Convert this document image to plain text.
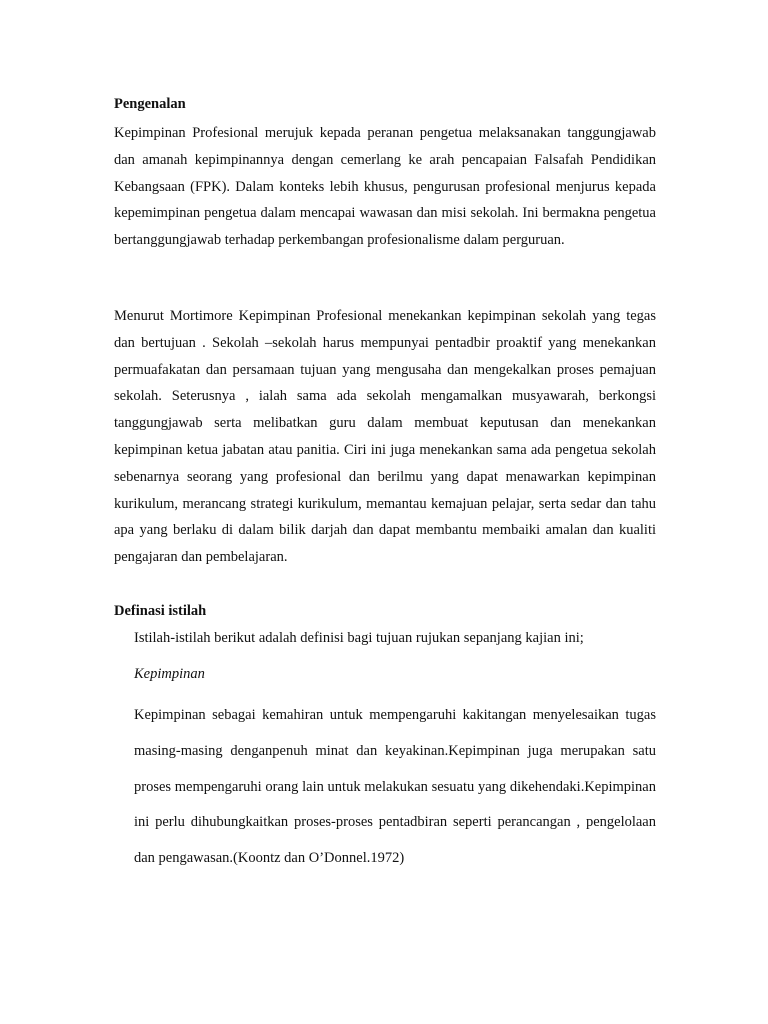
Pengenalan

Kepimpinan Profesional merujuk kepada peranan pengetua melaksanakan tanggungjawab dan amanah kepimpinannya dengan cemerlang ke arah pencapaian Falsafah Pendidikan Kebangsaan (FPK). Dalam konteks lebih khusus, pengurusan profesional menjurus kepada kepemimpinan pengetua dalam mencapai wawasan dan misi sekolah. Ini bermakna pengetua bertanggungjawab terhadap perkembangan profesionalisme dalam perguruan.

Menurut Mortimore Kepimpinan Profesional menekankan kepimpinan sekolah yang tegas dan bertujuan . Sekolah –sekolah harus mempunyai pentadbir proaktif yang menekankan permuafakatan dan persamaan tujuan yang mengusaha dan mengekalkan proses pemajuan sekolah. Seterusnya , ialah sama ada sekolah mengamalkan musyawarah, berkongsi tanggungjawab serta melibatkan guru dalam membuat keputusan dan menekankan kepimpinan ketua jabatan atau panitia. Ciri ini juga menekankan sama ada pengetua sekolah sebenarnya seorang yang profesional dan berilmu yang dapat menawarkan kepimpinan kurikulum, merancang strategi kurikulum, memantau kemajuan pelajar, serta sedar dan tahu apa yang berlaku di dalam bilik darjah dan dapat membantu membaiki amalan dan kualiti pengajaran dan pembelajaran.

Definasi istilah

Istilah-istilah berikut adalah definisi bagi tujuan rujukan sepanjang kajian ini;

Kepimpinan

Kepimpinan sebagai kemahiran untuk mempengaruhi kakitangan menyelesaikan tugas masing-masing denganpenuh minat dan keyakinan.Kepimpinan juga merupakan satu proses mempengaruhi orang lain untuk melakukan sesuatu yang dikehendaki.Kepimpinan ini perlu dihubungkaitkan proses-proses pentadbiran seperti perancangan , pengelolaan dan pengawasan.(Koontz dan O’Donnel.1972)
